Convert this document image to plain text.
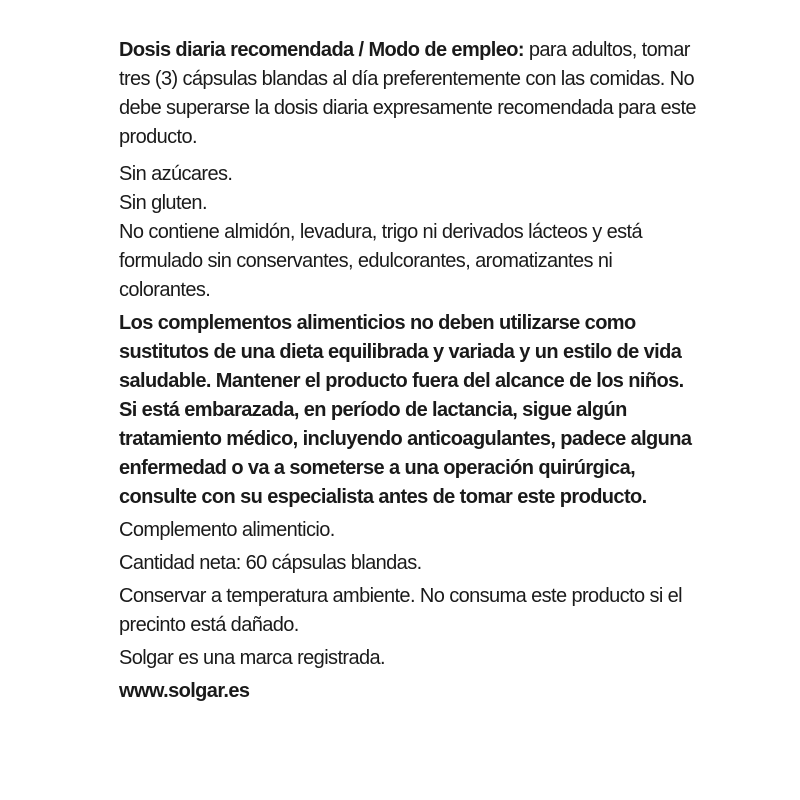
Dosis diaria recomendada / Modo de empleo: para adultos, tomar tres (3) cápsulas blandas al día preferentemente con las comidas. No debe superarse la dosis diaria expresamente recomendada para este producto.

Sin azúcares.

Sin gluten.

No contiene almidón, levadura, trigo ni derivados lácteos y está formulado sin conservantes, edulcorantes, aromatizantes ni colorantes.

Los complementos alimenticios no deben utilizarse como sustitutos de una dieta equilibrada y variada y un estilo de vida saludable. Mantener el producto fuera del alcance de los niños. Si está embarazada, en período de lactancia, sigue algún tratamiento médico, incluyendo anticoagulantes, padece alguna enfermedad o va a someterse a una operación quirúrgica, consulte con su especialista antes de tomar este producto.

Complemento alimenticio.

Cantidad neta: 60 cápsulas blandas.

Conservar a temperatura ambiente. No consuma este producto si el precinto está dañado.

Solgar es una marca registrada.

www.solgar.es
